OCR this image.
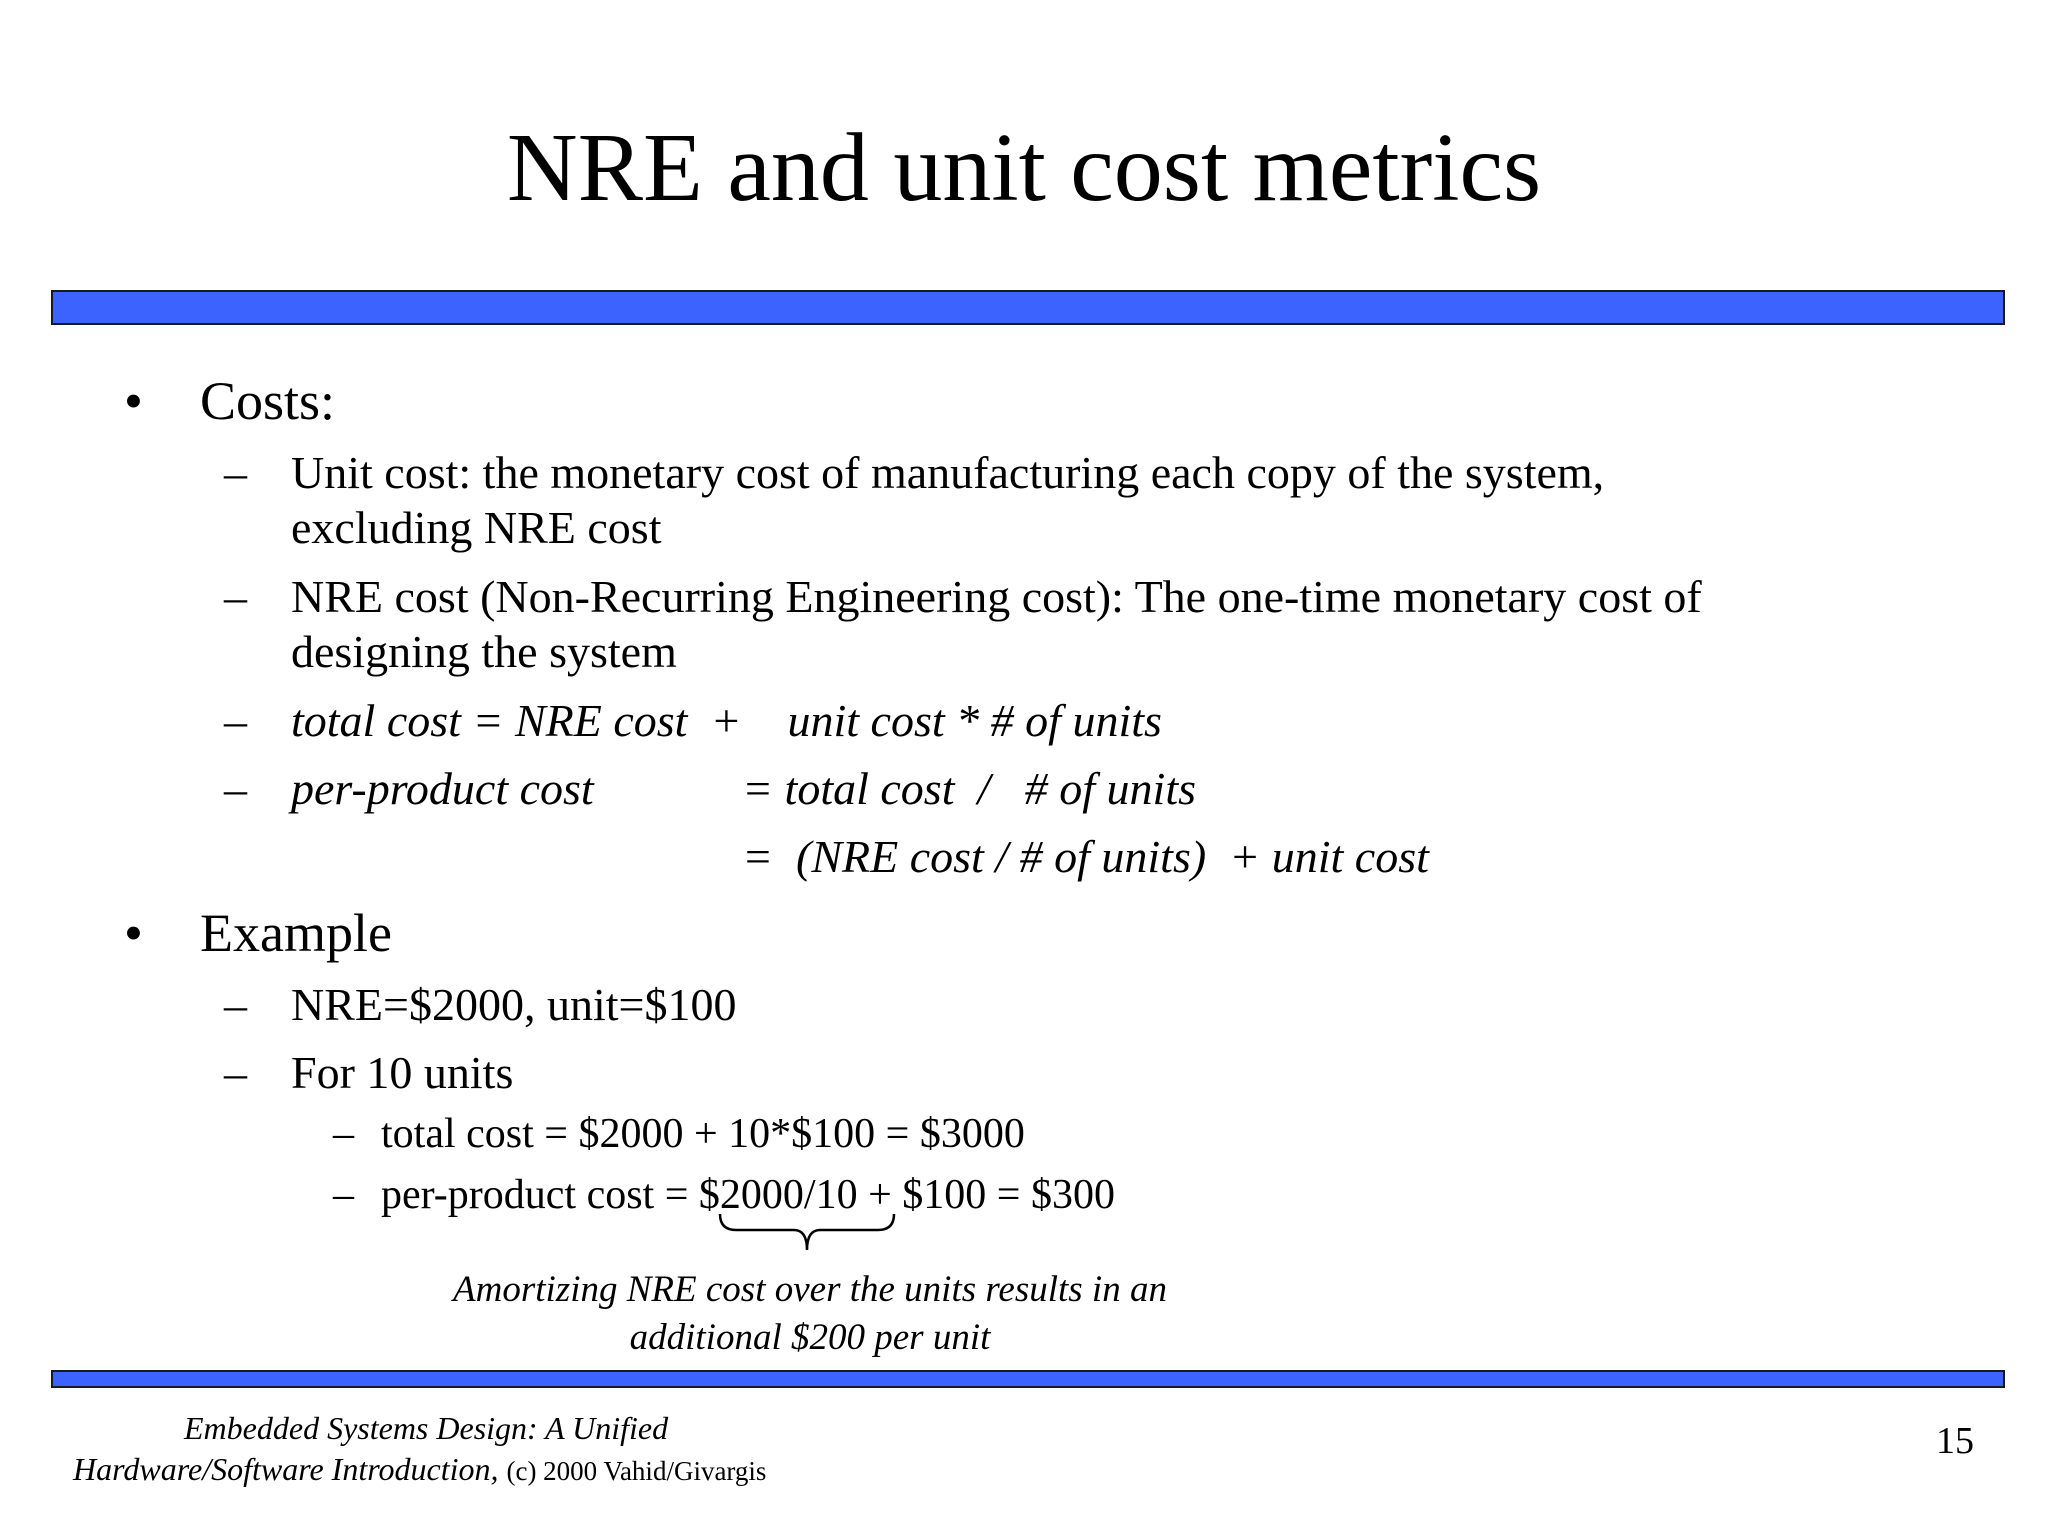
NRE and unit cost metrics
• Costs:
– Unit cost: the monetary cost of manufacturing each copy of the system,
excluding NRE cost
– NRE cost (Non-Recurring Engineering cost): The one-time monetary cost of
designing the system
– total cost = NRE cost  +    unit cost * # of units
– per-product cost	= total cost  /   # of units
=  (NRE cost / # of units)  + unit cost
• Example
– NRE=$2000, unit=$100
– For 10 units
– total cost = $2000 + 10*$100 = $3000
– per-product cost = $2000/10 + $100 = $300
Amortizing NRE cost over the units results in an
additional $200 per unit
Embedded Systems Design: A Unified
Hardware/Software Introduction, (c) 2000 Vahid/Givargis
15
